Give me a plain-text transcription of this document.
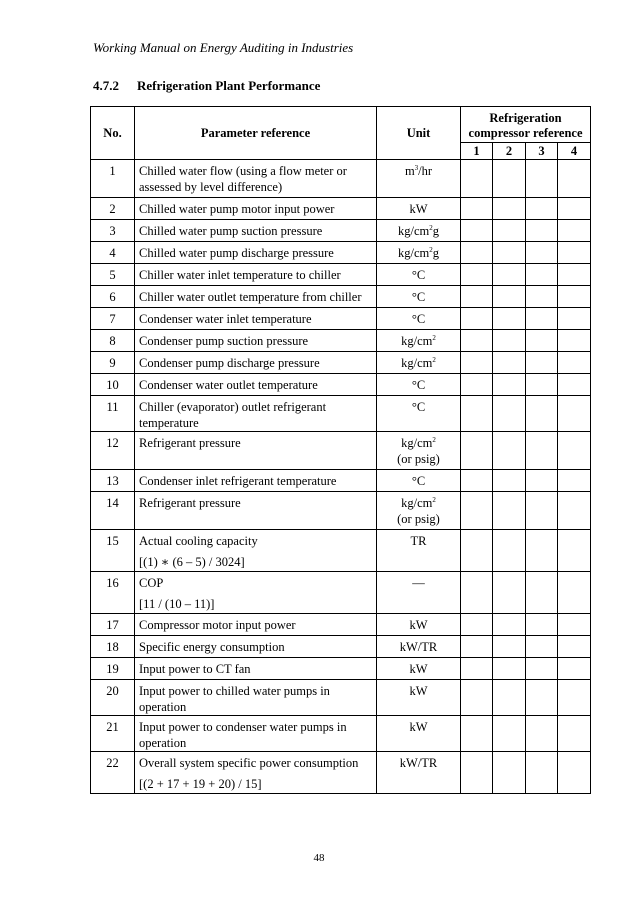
Working Manual on Energy Auditing in Industries
4.7.2 Refrigeration Plant Performance
No.	Parameter reference	Unit	Refrigeration compressor reference			
			1	2	3	4
1	Chilled water flow (using a flow meter or assessed by level difference)	$m^3/hr$				
2	Chilled water pump motor input power	kW				
3	Chilled water pump suction pressure	$kg/cm^2g$				
4	Chilled water pump discharge pressure	$kg/cm^2g$				
5	Chiller water inlet temperature to chiller	°C				
6	Chiller water outlet temperature from chiller	°C				
7	Condenser water inlet temperature	°C				
8	Condenser pump suction pressure	$kg/cm^2$				
9	Condenser pump discharge pressure	$kg/cm^2$				
10	Condenser water outlet temperature	°C				
11	Chiller (evaporator) outlet refrigerant temperature	°C				
12	Refrigerant pressure	$kg/cm^2$
(or psig)				

13	Condenser inlet refrigerant temperature	°C				
14	Refrigerant pressure	$kg/cm^2$
(or psig)				

15	Actual cooling capacity
[(1) ∗ (6 – 5) / 3024]	TR				
16	COP
[11 / (10 – 11)]	—				
17	Compressor motor input power	kW				
18	Specific energy consumption	kW/TR				
19	Input power to CT fan	kW				
20	Input power to chilled water pumps in operation	kW				
21	Input power to condenser water pumps in operation	kW				
22	Overall system specific power consumption
[(2 + 17 + 19 + 20) / 15]	kW/TR				
48
